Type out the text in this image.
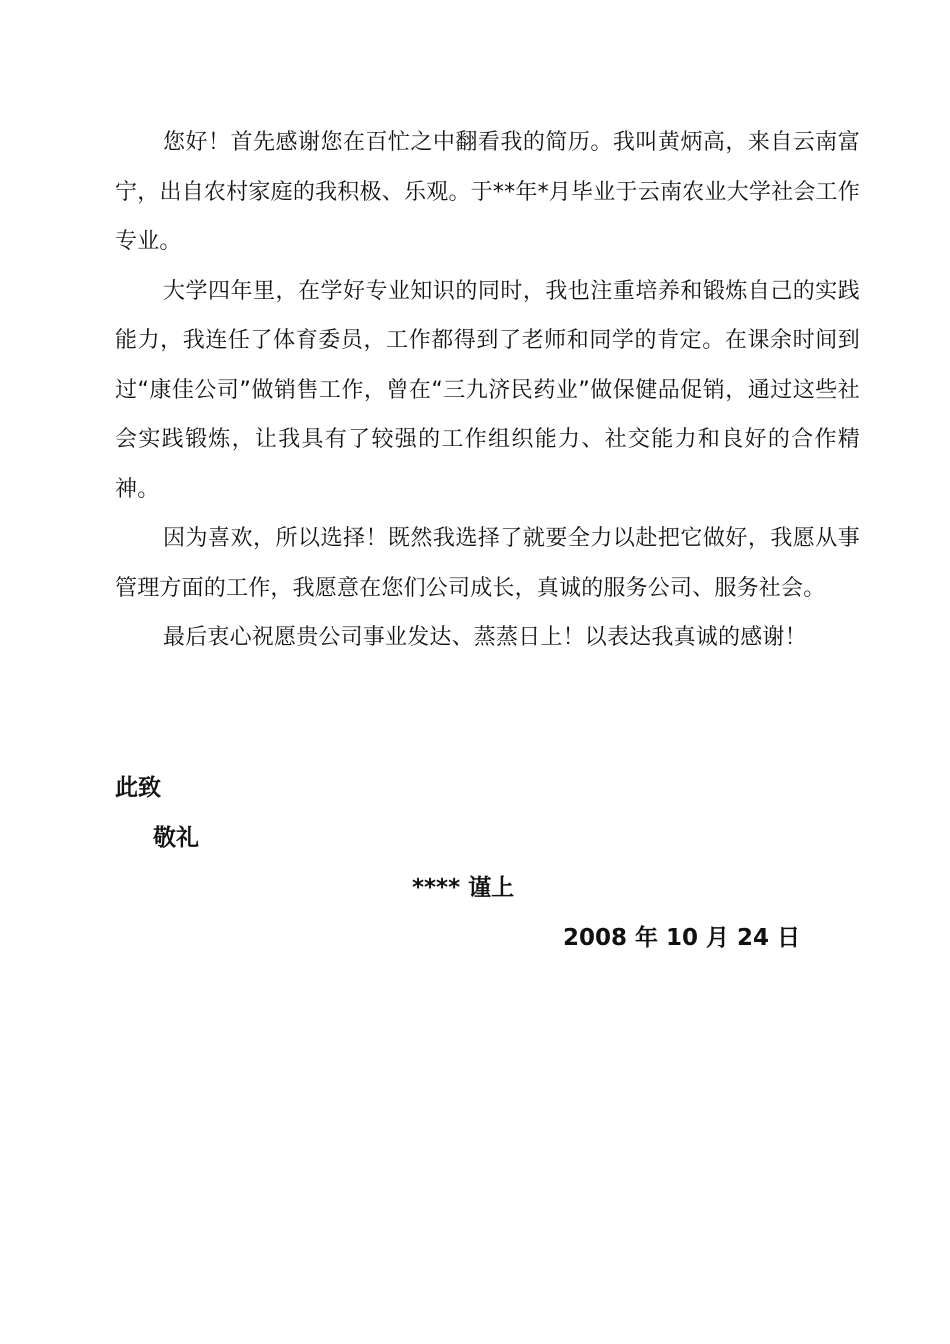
您好！首先感谢您在百忙之中翻看我的简历。我叫黄炳高，来自云南富宁，出自农村家庭的我积极、乐观。于**年*月毕业于云南农业大学社会工作专业。

大学四年里，在学好专业知识的同时，我也注重培养和锻炼自己的实践能力，我连任了体育委员，工作都得到了老师和同学的肯定。在课余时间到过“康佳公司”做销售工作，曾在“三九济民药业”做保健品促销，通过这些社会实践锻炼，让我具有了较强的工作组织能力、社交能力和良好的合作精神。

因为喜欢，所以选择！既然我选择了就要全力以赴把它做好，我愿从事管理方面的工作，我愿意在您们公司成长，真诚的服务公司、服务社会。

最后衷心祝愿贵公司事业发达、蒸蒸日上！以表达我真诚的感谢！

此致
敬礼
**** 谨上
2008 年 10 月 24 日
